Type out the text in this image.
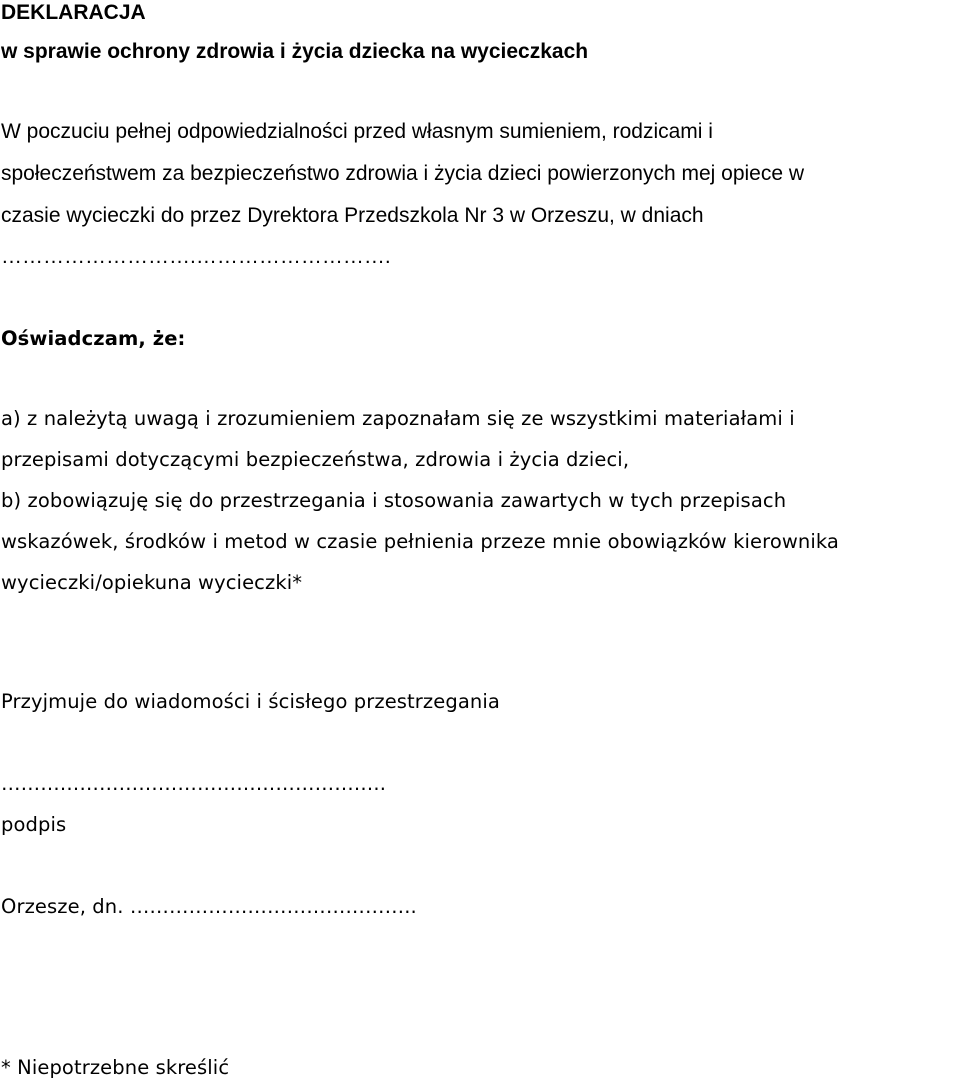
DEKLARACJA
w sprawie ochrony zdrowia i życia dziecka na wycieczkach
W poczuciu pełnej odpowiedzialności przed własnym sumieniem, rodzicami i
społeczeństwem za bezpieczeństwo zdrowia i życia dzieci powierzonych mej opiece w
czasie wycieczki do przez Dyrektora Przedszkola Nr 3 w Orzeszu, w dniach
……………………….……………………….
Oświadczam, że:
a) z należytą uwagą i zrozumieniem zapoznałam się ze wszystkimi materiałami i
przepisami dotyczącymi bezpieczeństwa, zdrowia i życia dzieci,
b) zobowiązuję się do przestrzegania i stosowania zawartych w tych przepisach
wskazówek, środków i metod w czasie pełnienia przeze mnie obowiązków kierownika
wycieczki/opiekuna wycieczki*
Przyjmuje do wiadomości i ścisłego przestrzegania
…………………………………………………..
podpis
Orzesze, dn. ……………………………………..
* Niepotrzebne skreślić
